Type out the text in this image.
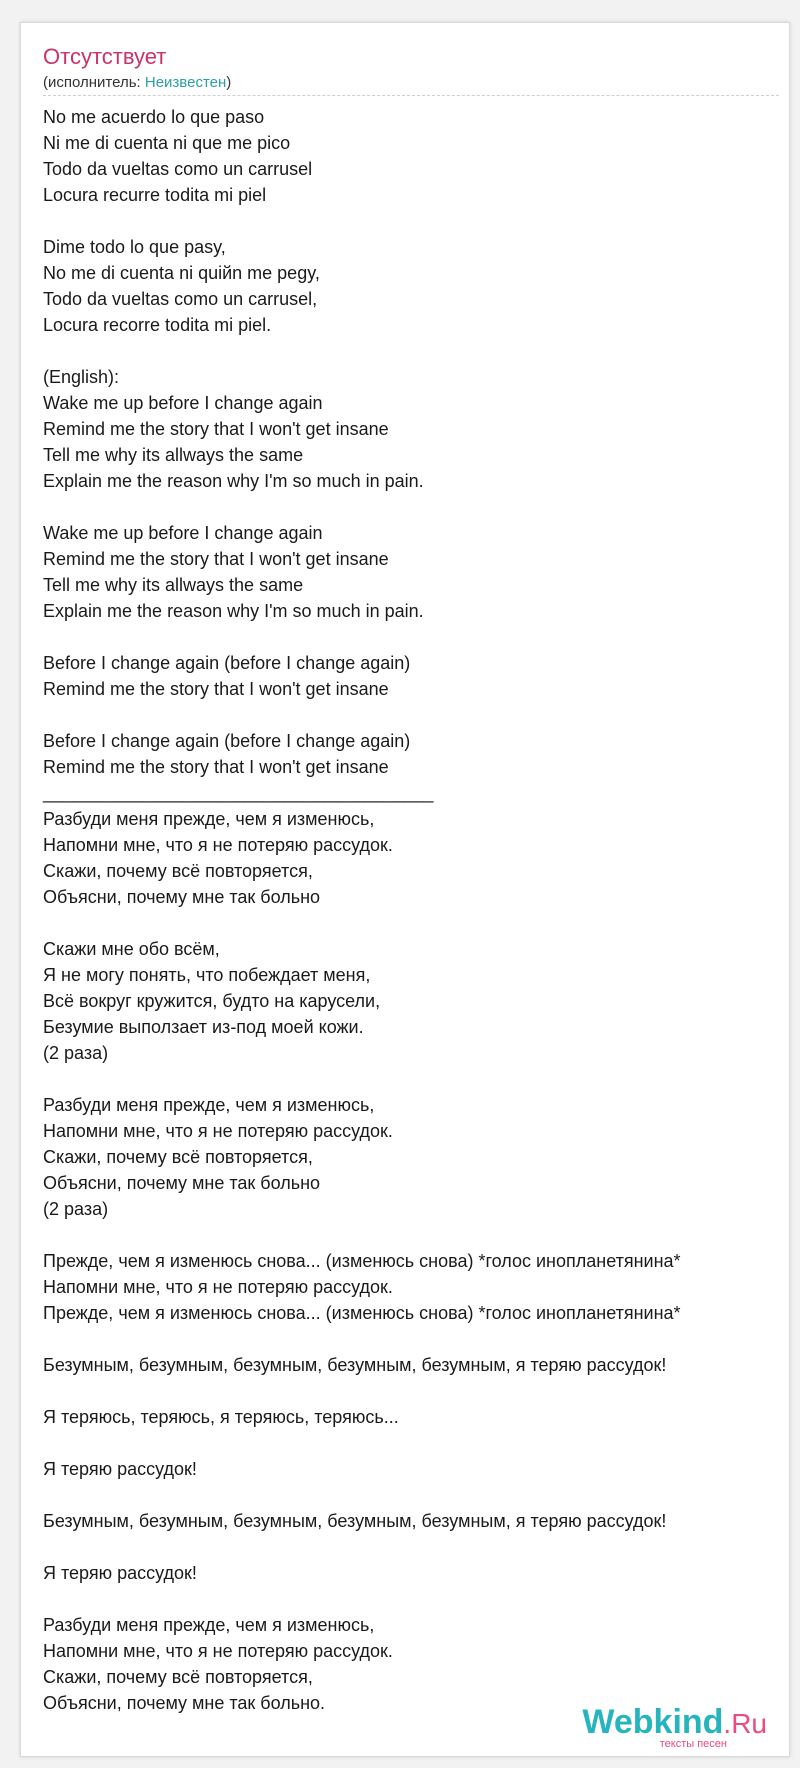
Отсутствует
(исполнитель: Неизвестен)
No me acuerdo lo que paso
Ni me di cuenta ni que me pico
Todo da vueltas como un carrusel
Locura recurre todita mi piel

Dime todo lo que pasy,
No me di cuenta ni quiйn me pegy,
Todo da vueltas como un carrusel,
Locura recorre todita mi piel.

(English):
Wake me up before I change again
Remind me the story that I won't get insane
Tell me why its allways the same
Explain me the reason why I'm so much in pain.

Wake me up before I change again
Remind me the story that I won't get insane
Tell me why its allways the same
Explain me the reason why I'm so much in pain.

Before I change again (before I change again)
Remind me the story that I won't get insane

Before I change again (before I change again)
Remind me the story that I won't get insane
_______________________________________
Разбуди меня прежде, чем я изменюсь,
Напомни мне, что я не потеряю рассудок.
Скажи, почему всё повторяется,
Объясни, почему мне так больно

Скажи мне обо всём,
Я не могу понять, что побеждает меня,
Всё вокруг кружится, будто на карусели,
Безумие выползает из-под моей кожи.
(2 раза)

Разбуди меня прежде, чем я изменюсь,
Напомни мне, что я не потеряю рассудок.
Скажи, почему всё повторяется,
Объясни, почему мне так больно
(2 раза)

Прежде, чем я изменюсь снова... (изменюсь снова) *голос инопланетянина*
Напомни мне, что я не потеряю рассудок.
Прежде, чем я изменюсь снова... (изменюсь снова) *голос инопланетянина*

Безумным, безумным, безумным, безумным, безумным, я теряю рассудок!

Я теряюсь, теряюсь, я теряюсь, теряюсь...

Я теряю рассудок!

Безумным, безумным, безумным, безумным, безумным, я теряю рассудок!

Я теряю рассудок!

Разбуди меня прежде, чем я изменюсь,
Напомни мне, что я не потеряю рассудок.
Скажи, почему всё повторяется,
Объясни, почему мне так больно.	Webkind.Ru
тексты песен
